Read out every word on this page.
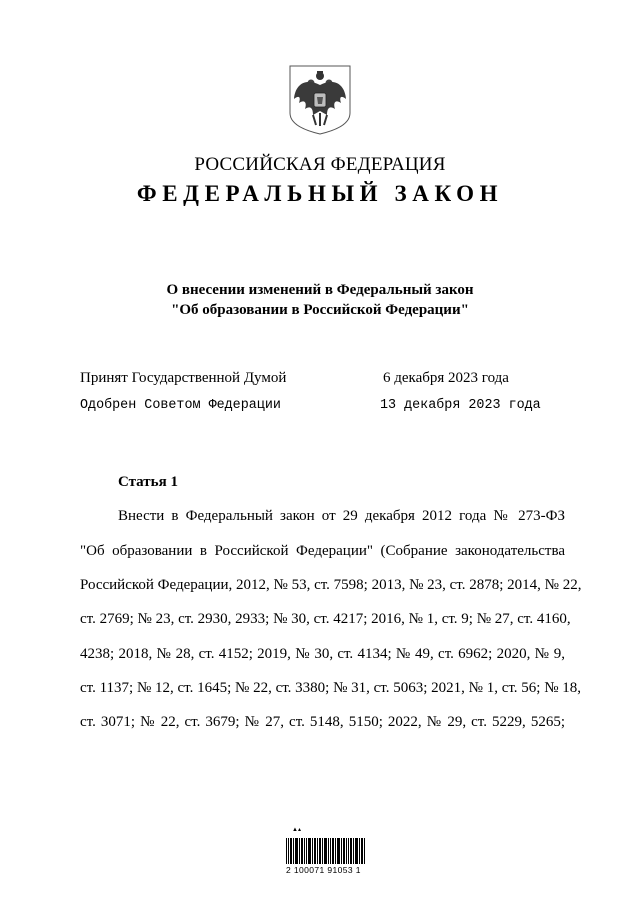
РОССИЙСКАЯ ФЕДЕРАЦИЯ
ФЕДЕРАЛЬНЫЙ ЗАКОН
О внесении изменений в Федеральный закон
"Об образовании в Российской Федерации"
Принят Государственной Думой	6 декабря 2023 года
Одобрен Советом Федерации	13 декабря 2023 года
Статья 1
Внести в Федеральный закон от 29 декабря 2012 года № 273-ФЗ
"Об образовании в Российской Федерации" (Собрание законодательства
Российской Федерации, 2012, № 53, ст. 7598; 2013, № 23, ст. 2878; 2014, № 22,
ст. 2769; № 23, ст. 2930, 2933; № 30, ст. 4217; 2016, № 1, ст. 9; № 27, ст. 4160,
4238; 2018, № 28, ст. 4152; 2019, № 30, ст. 4134; № 49, ст. 6962; 2020, № 9,
ст. 1137; № 12, ст. 1645; № 22, ст. 3380; № 31, ст. 5063; 2021, № 1, ст. 56; № 18,
ст. 3071; № 22, ст. 3679; № 27, ст. 5148, 5150; 2022, № 29, ст. 5229, 5265;
▲▴
2 100071 91053 1
